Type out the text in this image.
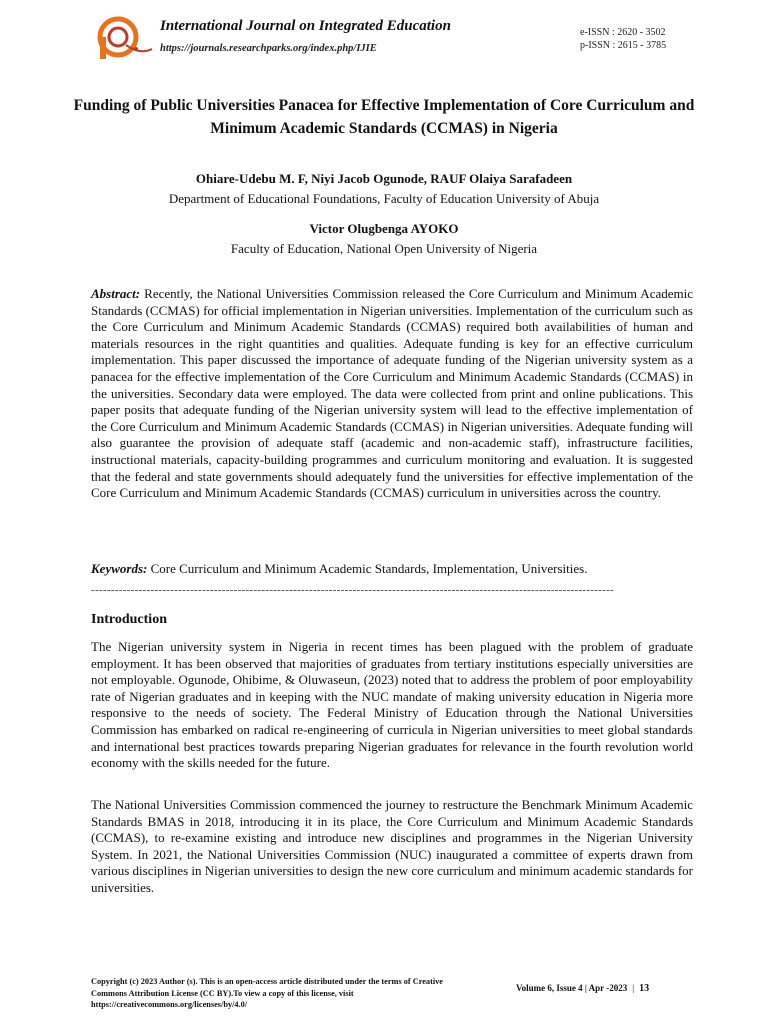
International Journal on Integrated Education
https://journals.researchparks.org/index.php/IJIE
e-ISSN : 2620 - 3502
p-ISSN : 2615 - 3785
Funding of Public Universities Panacea for Effective Implementation of Core Curriculum and Minimum Academic Standards (CCMAS) in Nigeria
Ohiare-Udebu M. F, Niyi Jacob Ogunode, RAUF Olaiya Sarafadeen
Department of Educational Foundations, Faculty of Education University of Abuja
Victor Olugbenga AYOKO
Faculty of Education, National Open University of Nigeria
Abstract: Recently, the National Universities Commission released the Core Curriculum and Minimum Academic Standards (CCMAS) for official implementation in Nigerian universities. Implementation of the curriculum such as the Core Curriculum and Minimum Academic Standards (CCMAS) required both availabilities of human and materials resources in the right quantities and qualities. Adequate funding is key for an effective curriculum implementation. This paper discussed the importance of adequate funding of the Nigerian university system as a panacea for the effective implementation of the Core Curriculum and Minimum Academic Standards (CCMAS) in the universities. Secondary data were employed. The data were collected from print and online publications. This paper posits that adequate funding of the Nigerian university system will lead to the effective implementation of the Core Curriculum and Minimum Academic Standards (CCMAS) in Nigerian universities. Adequate funding will also guarantee the provision of adequate staff (academic and non-academic staff), infrastructure facilities, instructional materials, capacity-building programmes and curriculum monitoring and evaluation. It is suggested that the federal and state governments should adequately fund the universities for effective implementation of the Core Curriculum and Minimum Academic Standards (CCMAS) curriculum in universities across the country.
Keywords: Core Curriculum and Minimum Academic Standards, Implementation, Universities.
------------------------------------------------------------------------------------------------------------------------------------
Introduction
The Nigerian university system in Nigeria in recent times has been plagued with the problem of graduate employment. It has been observed that majorities of graduates from tertiary institutions especially universities are not employable. Ogunode, Ohibime, & Oluwaseun, (2023) noted that to address the problem of poor employability rate of Nigerian graduates and in keeping with the NUC mandate of making university education in Nigeria more responsive to the needs of society. The Federal Ministry of Education through the National Universities Commission has embarked on radical re-engineering of curricula in Nigerian universities to meet global standards and international best practices towards preparing Nigerian graduates for relevance in the fourth revolution world economy with the skills needed for the future.
The National Universities Commission commenced the journey to restructure the Benchmark Minimum Academic Standards BMAS in 2018, introducing it in its place, the Core Curriculum and Minimum Academic Standards (CCMAS), to re-examine existing and introduce new disciplines and programmes in the Nigerian University System. In 2021, the National Universities Commission (NUC) inaugurated a committee of experts drawn from various disciplines in Nigerian universities to design the new core curriculum and minimum academic standards for universities.
Copyright (c) 2023 Author (s). This is an open-access article distributed under the terms of Creative Commons Attribution License (CC BY).To view a copy of this license, visit https://creativecommons.org/licenses/by/4.0/
Volume 6, Issue 4 | Apr -2023 | 13
